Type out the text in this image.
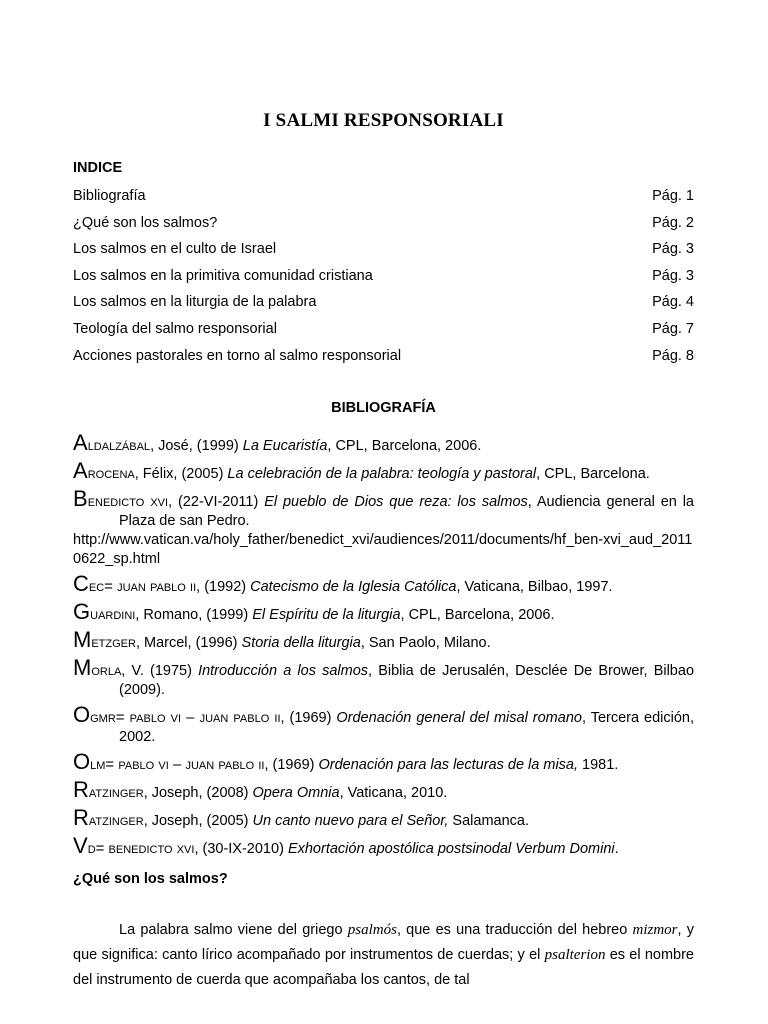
I SALMI RESPONSORIALI
INDICE
Bibliografía	Pág. 1
¿Qué son los salmos?	Pág. 2
Los salmos en el culto de Israel	Pág. 3
Los salmos en la primitiva comunidad cristiana	Pág. 3
Los salmos en la liturgia de la palabra	Pág. 4
Teología del salmo responsorial	Pág. 7
Acciones pastorales en torno al salmo responsorial	Pág. 8
BIBLIOGRAFÍA

Aldalzábal, José, (1999) La Eucaristía, CPL, Barcelona, 2006.

Arocena, Félix, (2005) La celebración de la palabra: teología y pastoral, CPL, Barcelona.

Benedicto xvi, (22-VI-2011) El pueblo de Dios que reza: los salmos, Audiencia general en la Plaza de san Pedro.
http://www.vatican.va/holy_father/benedict_xvi/audiences/2011/documents/hf_ben-xvi_aud_20110622_sp.html

Cec= juan pablo ii, (1992) Catecismo de la Iglesia Católica, Vaticana, Bilbao, 1997.

Guardini, Romano, (1999) El Espíritu de la liturgia, CPL, Barcelona, 2006.

Metzger, Marcel, (1996) Storia della liturgia, San Paolo, Milano.

Morla, V. (1975) Introducción a los salmos, Biblia de Jerusalén, Desclée De Brower, Bilbao (2009).

Ogmr= pablo vi – juan pablo ii, (1969) Ordenación general del misal romano, Tercera edición, 2002.

Olm= pablo vi – juan pablo ii, (1969) Ordenación para las lecturas de la misa, 1981.

Ratzinger, Joseph, (2008) Opera Omnia, Vaticana, 2010.

Ratzinger, Joseph, (2005) Un canto nuevo para el Señor, Salamanca.

Vd= benedicto xvi, (30-IX-2010) Exhortación apostólica postsinodal Verbum Domini.

¿Qué son los salmos?

La palabra salmo viene del griego psalmós, que es una traducción del hebreo mizmor, y que significa: canto lírico acompañado por instrumentos de cuerdas; y el psalterion es el nombre del instrumento de cuerda que acompañaba los cantos, de tal
